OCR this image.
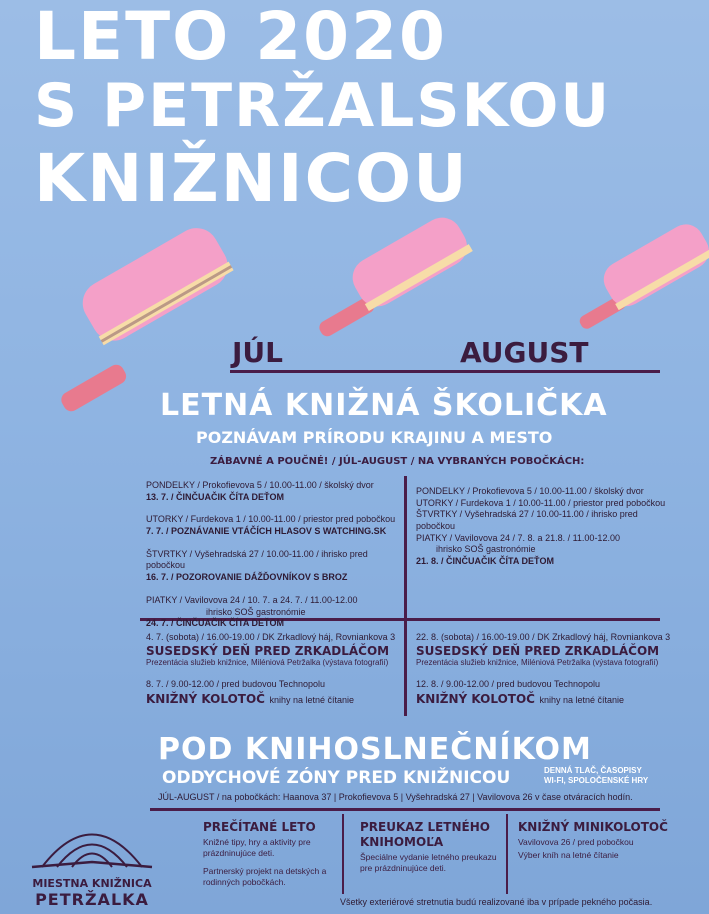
LETO 2020
S PETRŽALSKOU
KNIŽNICOU
JÚL	AUGUST
LETNÁ KNIŽNÁ ŠKOLIČKA
POZNÁVAM PRÍRODU KRAJINU A MESTO
ZÁBAVNÉ A POUČNÉ! / JÚL-AUGUST / NA VYBRANÝCH POBOČKÁCH:
PONDELKY / Prokofievova 5 / 10.00-11.00 / školský dvor
13. 7. / ČINČUAČIK ČÍTA DEŤOM
UTORKY / Furdekova 1 / 10.00-11.00 / priestor pred pobočkou
7. 7. / POZNÁVANIE VTÁČÍCH HLASOV S WATCHING.SK
ŠTVRTKY / Vyšehradská 27 / 10.00-11.00 / ihrisko pred pobočkou
16. 7. / POZOROVANIE DÁŽĎOVNÍKOV S BROZ
PIATKY / Vavilovova 24 / 10. 7. a 24. 7. / 11.00-12.00
ihrisko SOŠ gastronómie
24. 7. / ČINČUAČIK ČÍTA DEŤOM
PONDELKY / Prokofievova 5 / 10.00-11.00 / školský dvor
UTORKY / Furdekova 1 / 10.00-11.00 / priestor pred pobočkou
ŠTVRTKY / Vyšehradská 27 / 10.00-11.00 / ihrisko pred pobočkou
PIATKY / Vavilovova 24 / 7. 8. a 21.8. / 11.00-12.00
ihrisko SOŠ gastronómie
21. 8. / ČINČUAČIK ČÍTA DEŤOM
4. 7. (sobota) / 16.00-19.00 / DK Zrkadlový háj, Rovniankova 3
SUSEDSKÝ DEŇ PRED ZRKADLÁČOM
Prezentácia služieb knižnice, Miléniová Petržalka (výstava fotografií)
8. 7. / 9.00-12.00 / pred budovou Technopolu
KNIŽNÝ KOLOTOČ knihy na letné čítanie
22. 8. (sobota) / 16.00-19.00 / DK Zrkadlový háj, Rovniankova 3
SUSEDSKÝ DEŇ PRED ZRKADLÁČOM
Prezentácia služieb knižnice, Miléniová Petržalka (výstava fotografií)
12. 8. / 9.00-12.00 / pred budovou Technopolu
KNIŽNÝ KOLOTOČ knihy na letné čítanie
POD KNIHOSLNEČNÍKOM
ODDYCHOVÉ ZÓNY PRED KNIŽNICOU	DENNÁ TLAČ, ČASOPISY
WI-FI, SPOLOČENSKÉ HRY
JÚL-AUGUST / na pobočkách: Haanova 37 | Prokofievova 5 | Vyšehradská 27 | Vavilovova 26 v čase otváracích hodín.
MIESTNA KNIŽNICA
PETRŽALKA
PREČÍTANÉ LETO
Knižné tipy, hry a aktivity pre prázdninujúce deti.
Partnerský projekt na detských a rodinných pobočkách.
PREUKAZ LETNÉHO KNIHOMOĽA
Špeciálne vydanie letného preukazu pre prázdninujúce deti.
KNIŽNÝ MINIKOLOTOČ
Vavilovova 26 / pred pobočkou
Výber kníh na letné čítanie
Všetky exteriérové stretnutia budú realizované iba v prípade pekného počasia.
